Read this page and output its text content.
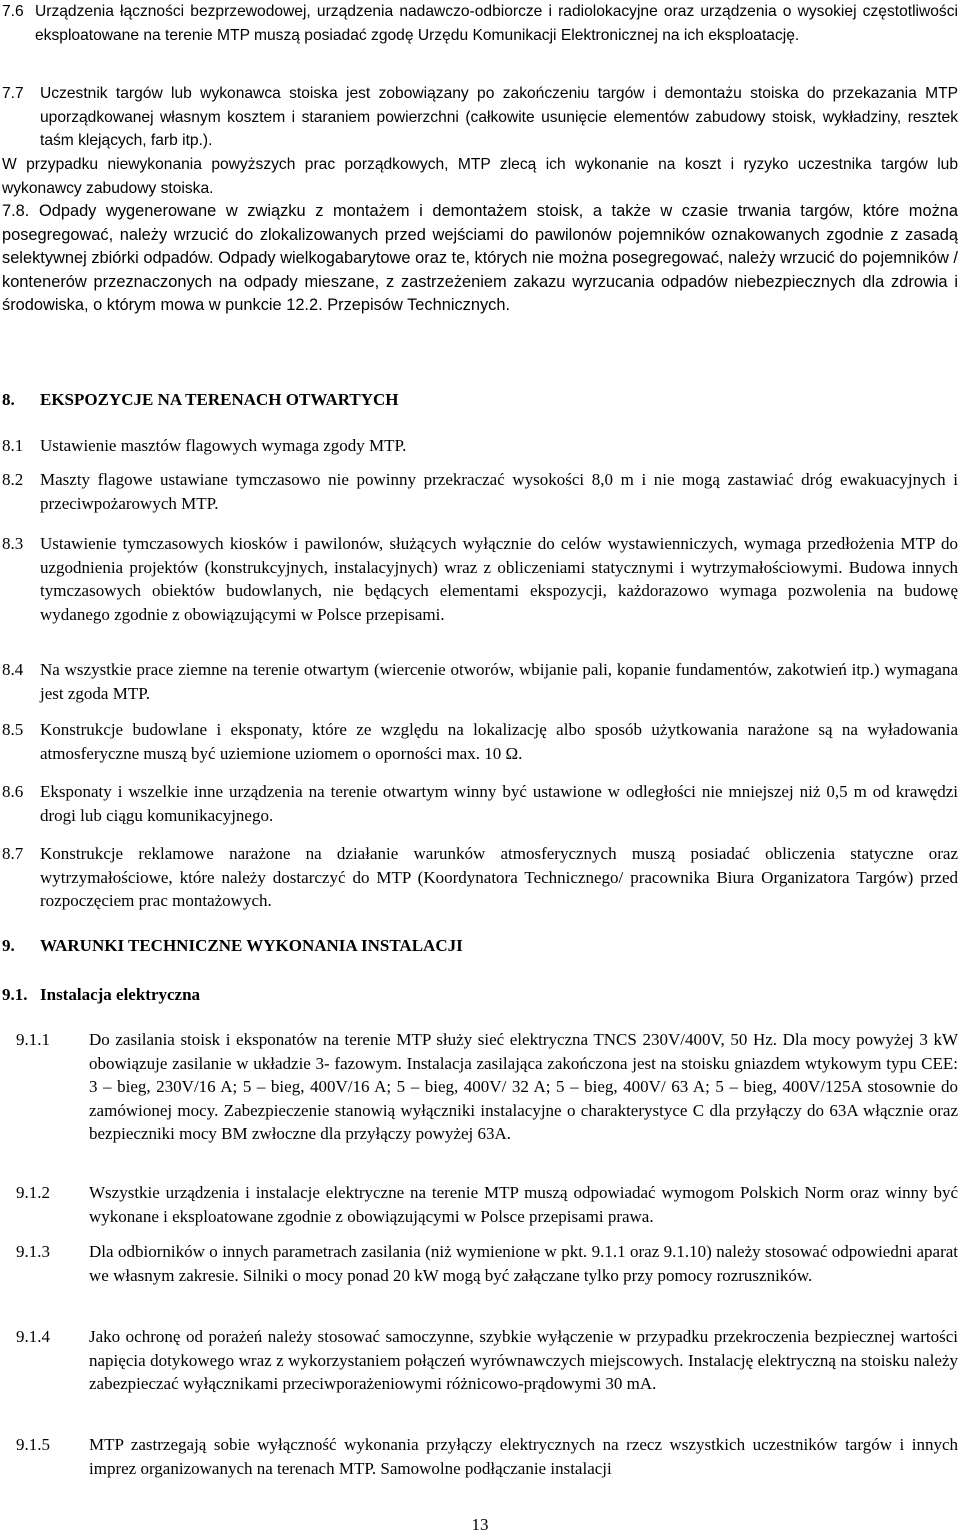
7.6 Urządzenia łączności bezprzewodowej, urządzenia nadawczo-odbiorcze i radiolokacyjne oraz urządzenia o wysokiej częstotliwości eksploatowane na terenie MTP muszą posiadać zgodę Urzędu Komunikacji Elektronicznej na ich eksploatację.
7.7	Uczestnik targów lub wykonawca stoiska jest zobowiązany po zakończeniu targów i demontażu stoiska do przekazania MTP uporządkowanej własnym kosztem i staraniem powierzchni (całkowite usunięcie elementów zabudowy stoisk, wykładziny, resztek taśm klejących, farb itp.).
W przypadku niewykonania powyższych prac porządkowych, MTP zlecą ich wykonanie na koszt i ryzyko uczestnika targów lub wykonawcy zabudowy stoiska.
7.8. Odpady wygenerowane w związku z montażem i demontażem stoisk, a także w czasie trwania targów, które można posegregować, należy wrzucić do zlokalizowanych przed wejściami do pawilonów pojemników oznakowanych zgodnie z zasadą selektywnej zbiórki odpadów. Odpady wielkogabarytowe oraz te, których nie można posegregować, należy wrzucić do pojemników / kontenerów przeznaczonych na odpady mieszane, z zastrzeżeniem zakazu wyrzucania odpadów niebezpiecznych dla zdrowia i środowiska, o którym mowa w punkcie 12.2. Przepisów Technicznych.
8.	EKSPOZYCJE NA TERENACH OTWARTYCH
8.1 Ustawienie masztów flagowych wymaga zgody MTP.
8.2 Maszty flagowe ustawiane tymczasowo nie powinny przekraczać wysokości 8,0 m i nie mogą zastawiać dróg ewakuacyjnych i przeciwpożarowych MTP.
8.3 Ustawienie tymczasowych kiosków i pawilonów, służących wyłącznie do celów wystawienniczych, wymaga przedłożenia MTP do uzgodnienia projektów (konstrukcyjnych, instalacyjnych) wraz z obliczeniami statycznymi i wytrzymałościowymi. Budowa innych tymczasowych obiektów budowlanych, nie będących elementami ekspozycji, każdorazowo wymaga pozwolenia na budowę wydanego zgodnie z obowiązującymi w Polsce przepisami.
8.4 Na wszystkie prace ziemne na terenie otwartym (wiercenie otworów, wbijanie pali, kopanie fundamentów, zakotwień itp.) wymagana jest zgoda MTP.
8.5 Konstrukcje budowlane i eksponaty, które ze względu na lokalizację albo sposób użytkowania narażone są na wyładowania atmosferyczne muszą być uziemione uziomem o oporności max. 10 Ω.
8.6 Eksponaty i wszelkie inne urządzenia na terenie otwartym winny być ustawione w odległości nie mniejszej niż 0,5 m od krawędzi drogi lub ciągu komunikacyjnego.
8.7 Konstrukcje reklamowe narażone na działanie warunków atmosferycznych muszą posiadać obliczenia statyczne oraz wytrzymałościowe, które należy dostarczyć do MTP (Koordynatora Technicznego/ pracownika Biura Organizatora Targów) przed rozpoczęciem prac montażowych.
9.	WARUNKI TECHNICZNE WYKONANIA INSTALACJI
9.1. Instalacja elektryczna
9.1.1	Do zasilania stoisk i eksponatów na terenie MTP służy sieć elektryczna TNCS 230V/400V, 50 Hz. Dla mocy powyżej 3 kW obowiązuje zasilanie w układzie 3- fazowym. Instalacja zasilająca zakończona jest na stoisku gniazdem wtykowym typu CEE: 3 – bieg, 230V/16 A; 5 – bieg, 400V/16 A; 5 – bieg, 400V/ 32 A; 5 – bieg, 400V/ 63 A; 5 – bieg, 400V/125A stosownie do zamówionej mocy. Zabezpieczenie stanowią wyłączniki instalacyjne o charakterystyce C dla przyłączy do 63A włącznie oraz bezpieczniki mocy BM zwłoczne dla przyłączy powyżej 63A.
9.1.2	Wszystkie urządzenia i instalacje elektryczne na terenie MTP muszą odpowiadać wymogom Polskich Norm oraz winny być wykonane i eksploatowane zgodnie z obowiązującymi w Polsce przepisami prawa.
9.1.3	Dla odbiorników o innych parametrach zasilania (niż wymienione w pkt. 9.1.1 oraz 9.1.10) należy stosować odpowiedni aparat we własnym zakresie. Silniki o mocy ponad 20 kW mogą być załączane tylko przy pomocy rozruszników.
9.1.4	Jako ochronę od porażeń należy stosować samoczynne, szybkie wyłączenie w przypadku przekroczenia bezpiecznej wartości napięcia dotykowego wraz z wykorzystaniem połączeń wyrównawczych miejscowych. Instalację elektryczną na stoisku należy zabezpieczać wyłącznikami przeciwporażeniowymi różnicowo-prądowymi 30 mA.
9.1.5	MTP zastrzegają sobie wyłączność wykonania przyłączy elektrycznych na rzecz wszystkich uczestników targów i innych imprez organizowanych na terenach MTP. Samowolne podłączanie instalacji
13
